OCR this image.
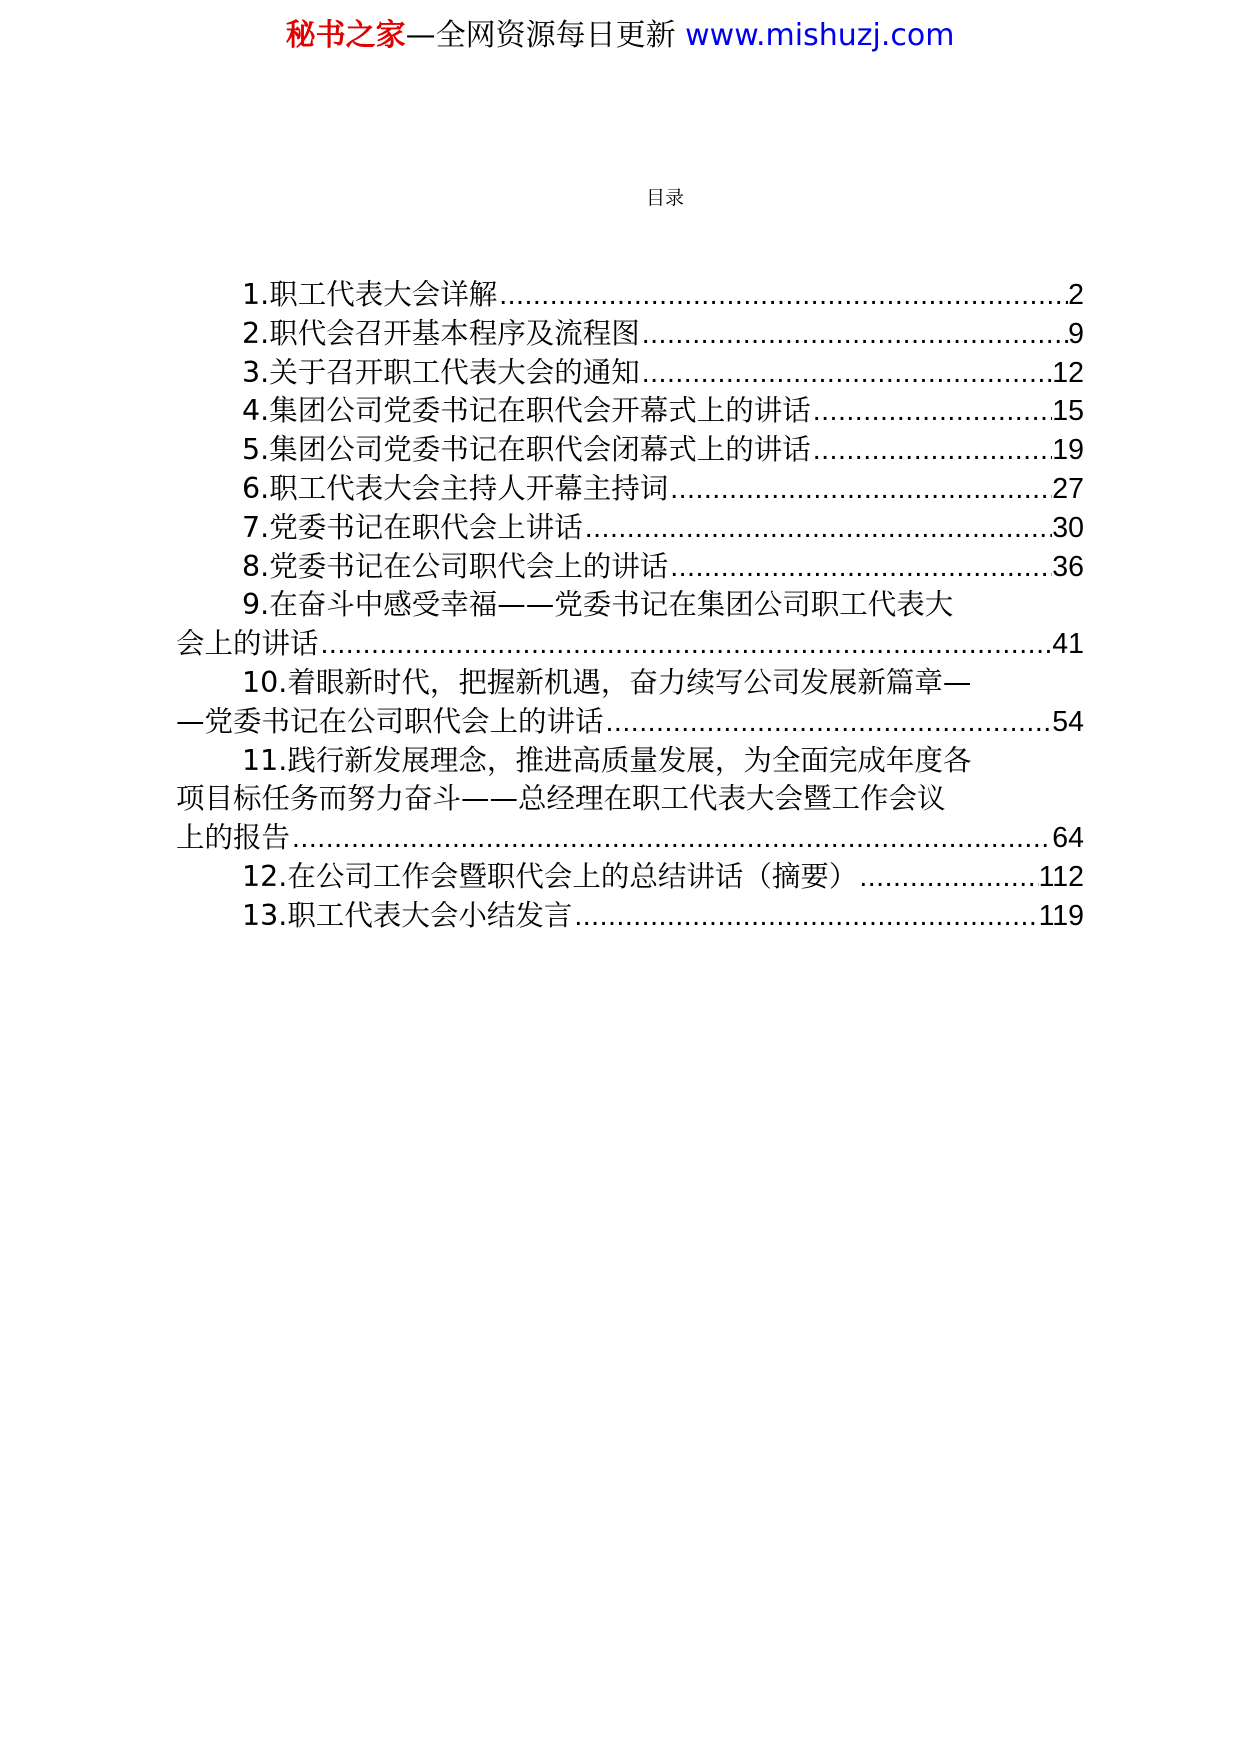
秘书之家—全网资源每日更新 www.mishuzj.com
目录
1.职工代表大会详解 .....	2
2.职代会召开基本程序及流程图 .....	9
3.关于召开职工代表大会的通知 .....	12
4.集团公司党委书记在职代会开幕式上的讲话 .....	15
5.集团公司党委书记在职代会闭幕式上的讲话 .....	19
6.职工代表大会主持人开幕主持词 .....	27
7.党委书记在职代会上讲话 .....	30
8.党委书记在公司职代会上的讲话 .....	36
9.在奋斗中感受幸福——党委书记在集团公司职工代表大
会上的讲话 .....	41
10.着眼新时代，把握新机遇，奋力续写公司发展新篇章—
—党委书记在公司职代会上的讲话 .....	54
11.践行新发展理念，推进高质量发展，为全面完成年度各
项目标任务而努力奋斗——总经理在职工代表大会暨工作会议
上的报告 .....	64
12.在公司工作会暨职代会上的总结讲话（摘要） .....	112
13.职工代表大会小结发言 .....	119
